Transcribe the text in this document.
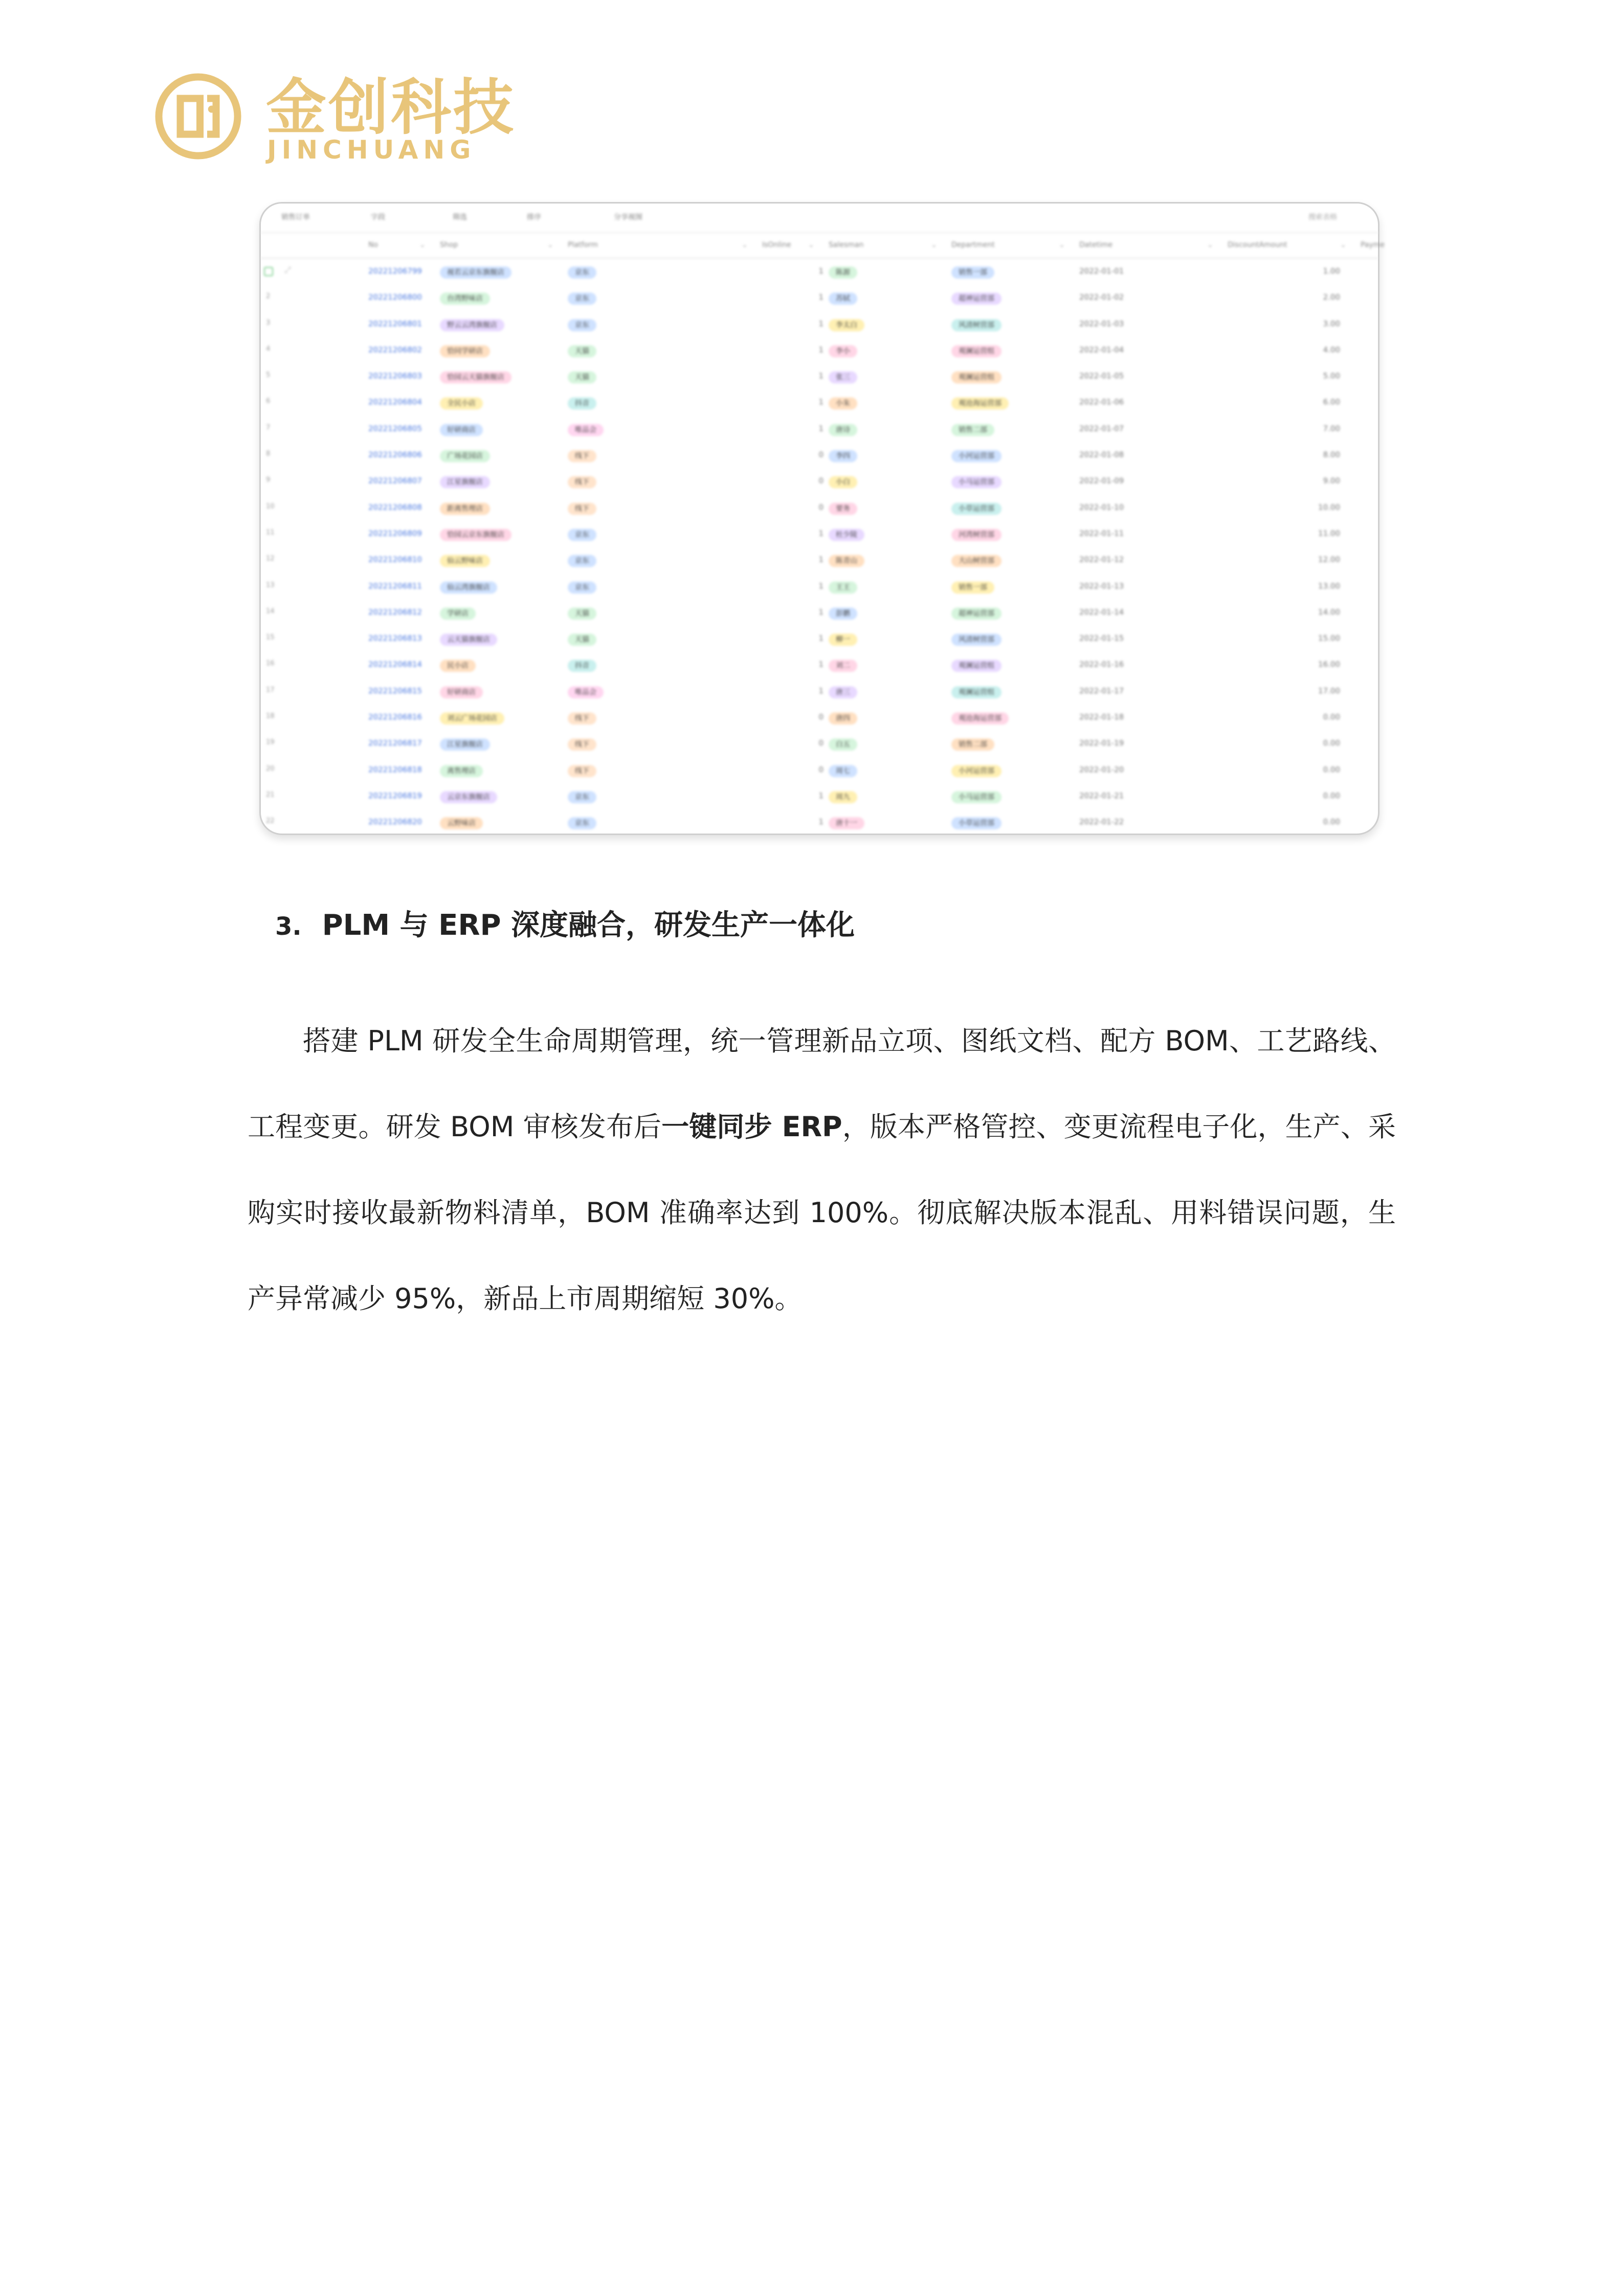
金创科技
JINCHUANG
销售订单	字段	筛选	排序	分享视图	搜索表格
No	⌄ Shop	⌄ Platform	⌄ IsOnline ⌄ Salesman	⌄ Department	⌄ Datetime	⌄ DiscountAmount	⌄ Payme
⤢	20221206799	视若云京东旗舰店	京东	1	陈源	销售一部	2022-01-01	1.00
2	20221206800	台湾野味店	京东	1	苏轼	超神运营部	2022-01-02	2.00
3	20221206801	野云云湾旗舰店	京东	1	李太白	风清树营部	2022-01-03	3.00
4	20221206802	恰同学研店	天猫	1	李小	观澜运营组	2022-01-04	4.00
5	20221206803	恰园云天猫旗舰店	天猫	1	张三	观澜运营组	2022-01-05	5.00
6	20221206804	全民小店	抖音	1	小朱	观沧海运营部	2022-01-06	6.00
7	20221206805	好研商店	唯品会	1	唐诗	销售二部	2022-01-07	7.00
8	20221206806	广场花园店	线下	0	李四	小河运营部	2022-01-08	8.00
9	20221206807	江星旗舰店	线下	0	小白	小马运营部	2022-01-09	9.00
10	20221206808	距离售理店	线下	0	要务	小草运营部	2022-01-10	10.00
11	20221206809	恰园云京东旗舰店	京东	1	杜少陵	河湾树营部	2022-01-11	11.00
12	20221206810	仙云野味店	京东	1	陈青山	大山树营部	2022-01-12	12.00
13	20221206811	仙云湾旗舰店	京东	1	王王	销售一部	2022-01-13	13.00
14	20221206812	学研店	天猫	1	彭鹏	超神运营部	2022-01-14	14.00
15	20221206813	云天猫旗舰店	天猫	1	柳一	风清树营部	2022-01-15	15.00
16	20221206814	民小店	抖音	1	刘二	观澜运营组	2022-01-16	16.00
17	20221206815	好研商店	唯品会	1	唐三	观澜运营组	2022-01-17	17.00
18	20221206816	刘云广场花园店	线下	0	唐四	观沧海运营部	2022-01-18	0.00
19	20221206817	江星旗舰店	线下	0	白五	销售二部	2022-01-19	0.00
20	20221206818	离售理店	线下	0	周七	小河运营部	2022-01-20	0.00
21	20221206819	云京东旗舰店	京东	1	周九	小马运营部	2022-01-21	0.00
22	20221206820	云野味店	京东	1	唐十一	小草运营部	2022-01-22	0.00
3. PLM 与 ERP 深度融合，研发生产一体化
搭建 PLM 研发全生命周期管理，统一管理新品立项、图纸文档、配方 BOM、工艺路线、工程变更。研发 BOM 审核发布后一键同步 ERP，版本严格管控、变更流程电子化，生产、采购实时接收最新物料清单，BOM 准确率达到 100%。彻底解决版本混乱、用料错误问题，生产异常减少 95%，新品上市周期缩短 30%。
